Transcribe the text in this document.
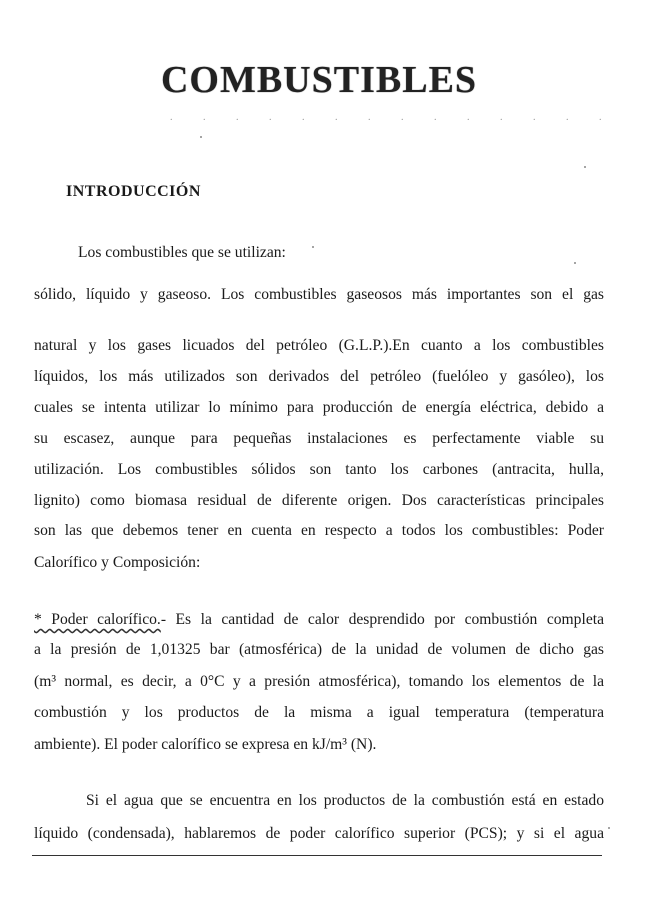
COMBUSTIBLES
. . . . . . . . . . . . . .
INTRODUCCIÓN
Los combustibles que se utilizan:
sólido, líquido y gaseoso. Los combustibles gaseosos más importantes son el gas
natural y los gases licuados del petróleo (G.L.P.).En cuanto a los combustibles
líquidos, los más utilizados son derivados del petróleo (fuelóleo y gasóleo), los
cuales se intenta utilizar lo mínimo para producción de energía eléctrica, debido a
su escasez, aunque para pequeñas instalaciones es perfectamente viable su
utilización. Los combustibles sólidos son tanto los carbones (antracita, hulla,
lignito) como biomasa residual de diferente origen. Dos características principales
son las que debemos tener en cuenta en respecto a todos los combustibles: Poder
Calorífico y Composición:
* Poder calorífico.- Es la cantidad de calor desprendido por combustión completa
a la presión de 1,01325 bar (atmosférica) de la unidad de volumen de dicho gas
(m³ normal, es decir, a 0°C y a presión atmosférica), tomando los elementos de la
combustión y los productos de la misma a igual temperatura (temperatura
ambiente). El poder calorífico se expresa en kJ/m³ (N).
Si el agua que se encuentra en los productos de la combustión está en estado
líquido (condensada), hablaremos de poder calorífico superior (PCS); y si el agua
